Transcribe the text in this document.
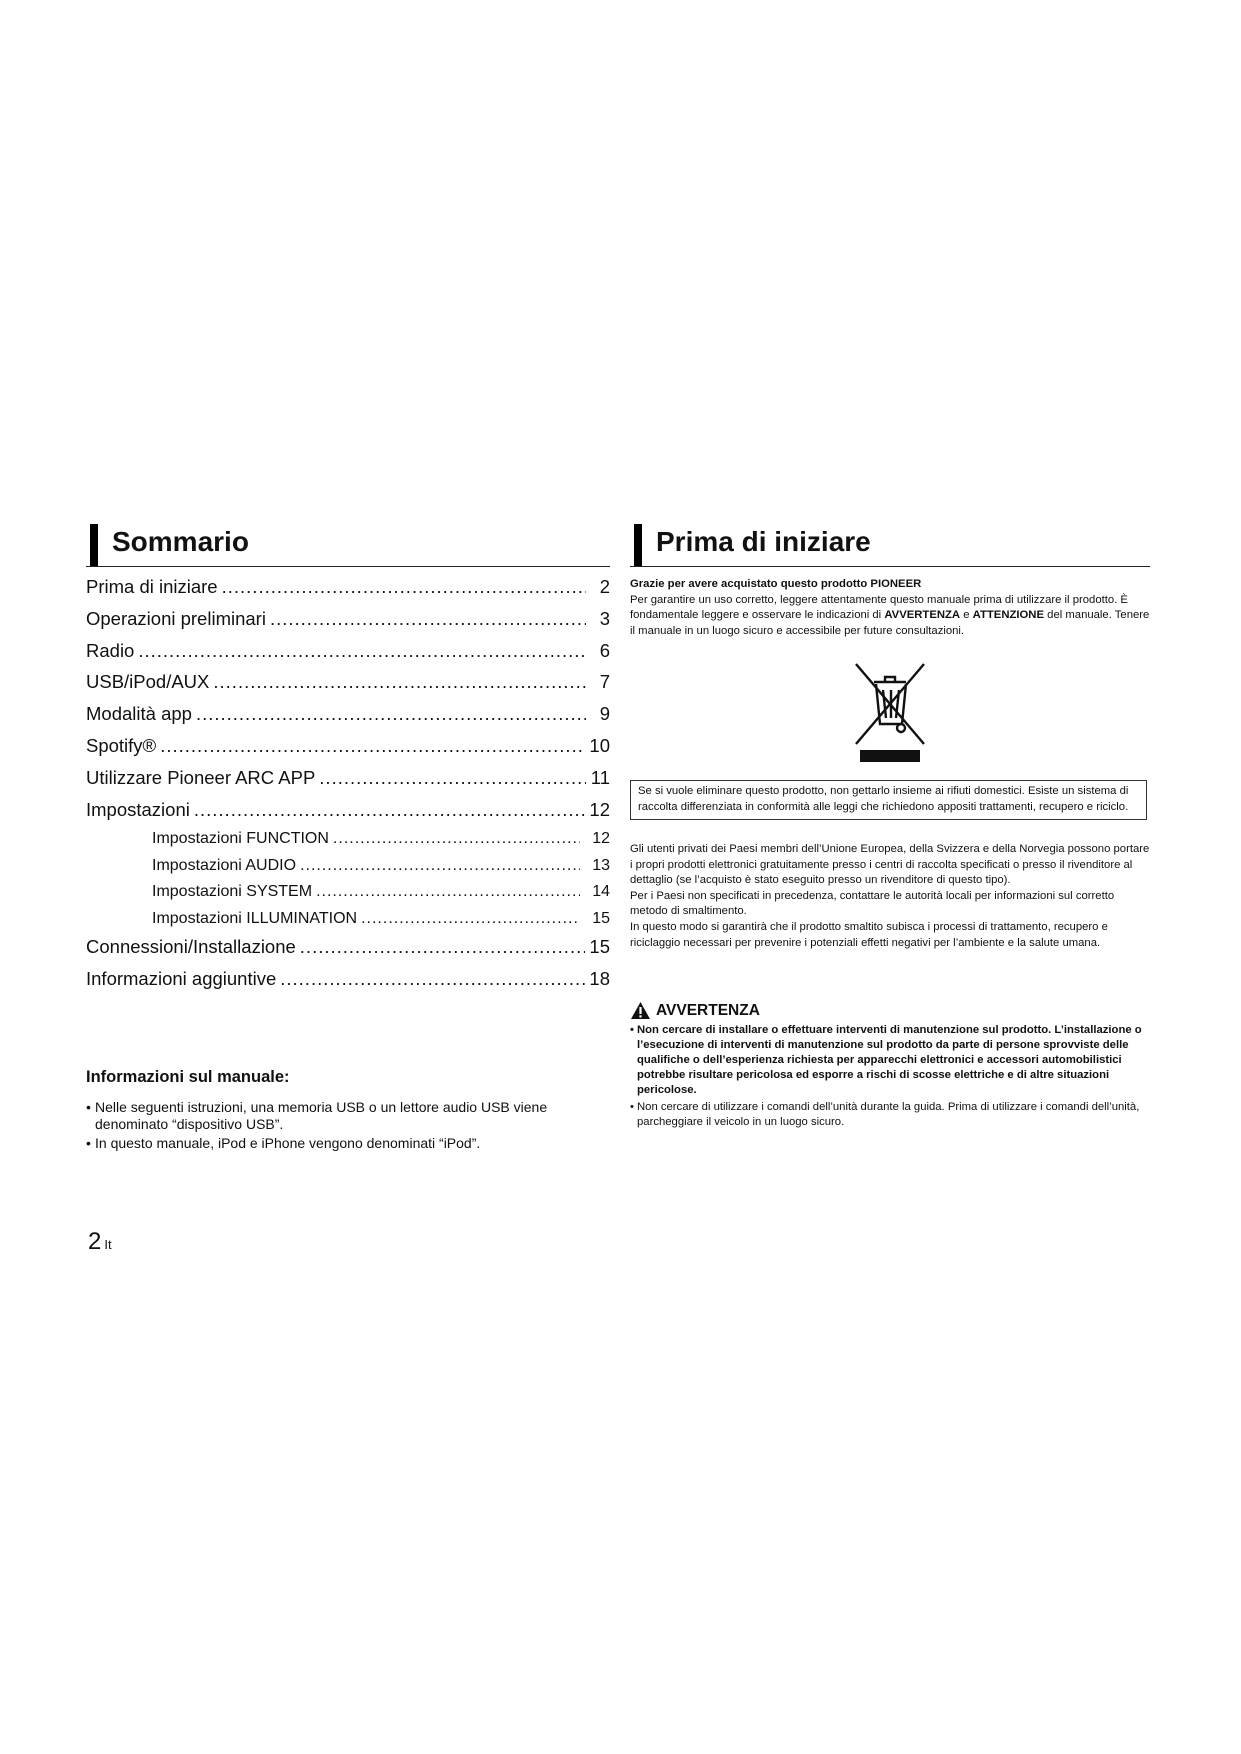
Sommario
Prima di iniziare .....	2
Operazioni preliminari .....	3
Radio .....	6
USB/iPod/AUX .....	7
Modalità app .....	9
Spotify® .....	10
Utilizzare Pioneer ARC APP .....	11
Impostazioni .....	12
Impostazioni FUNCTION .....	12
Impostazioni AUDIO .....	13
Impostazioni SYSTEM .....	14
Impostazioni ILLUMINATION .....	15
Connessioni/Installazione .....	15
Informazioni aggiuntive .....	18
Informazioni sul manuale:
• Nelle seguenti istruzioni, una memoria USB o un lettore audio USB viene denominato “dispositivo USB”.
• In questo manuale, iPod e iPhone vengono denominati “iPod”.
2 It
Prima di iniziare

Grazie per avere acquistato questo prodotto PIONEER

Per garantire un uso corretto, leggere attentamente questo manuale prima di utilizzare il prodotto. È fondamentale leggere e osservare le indicazioni di AVVERTENZA e ATTENZIONE del manuale. Tenere il manuale in un luogo sicuro e accessibile per future consultazioni.

Se si vuole eliminare questo prodotto, non gettarlo insieme ai rifiuti domestici. Esiste un sistema di raccolta differenziata in conformità alle leggi che richiedono appositi trattamenti, recupero e riciclo.

Gli utenti privati dei Paesi membri dell’Unione Europea, della Svizzera e della Norvegia possono portare i propri prodotti elettronici gratuitamente presso i centri di raccolta specificati o presso il rivenditore al dettaglio (se l’acquisto è stato eseguito presso un rivenditore di questo tipo).

Per i Paesi non specificati in precedenza, contattare le autorità locali per informazioni sul corretto metodo di smaltimento.

In questo modo si garantirà che il prodotto smaltito subisca i processi di trattamento, recupero e riciclaggio necessari per prevenire i potenziali effetti negativi per l’ambiente e la salute umana.

AVVERTENZA
• Non cercare di installare o effettuare interventi di manutenzione sul prodotto. L’installazione o l’esecuzione di interventi di manutenzione sul prodotto da parte di persone sprovviste delle qualifiche o dell’esperienza richiesta per apparecchi elettronici e accessori automobilistici potrebbe risultare pericolosa ed esporre a rischi di scosse elettriche e di altre situazioni pericolose.
• Non cercare di utilizzare i comandi dell’unità durante la guida. Prima di utilizzare i comandi dell’unità, parcheggiare il veicolo in un luogo sicuro.
